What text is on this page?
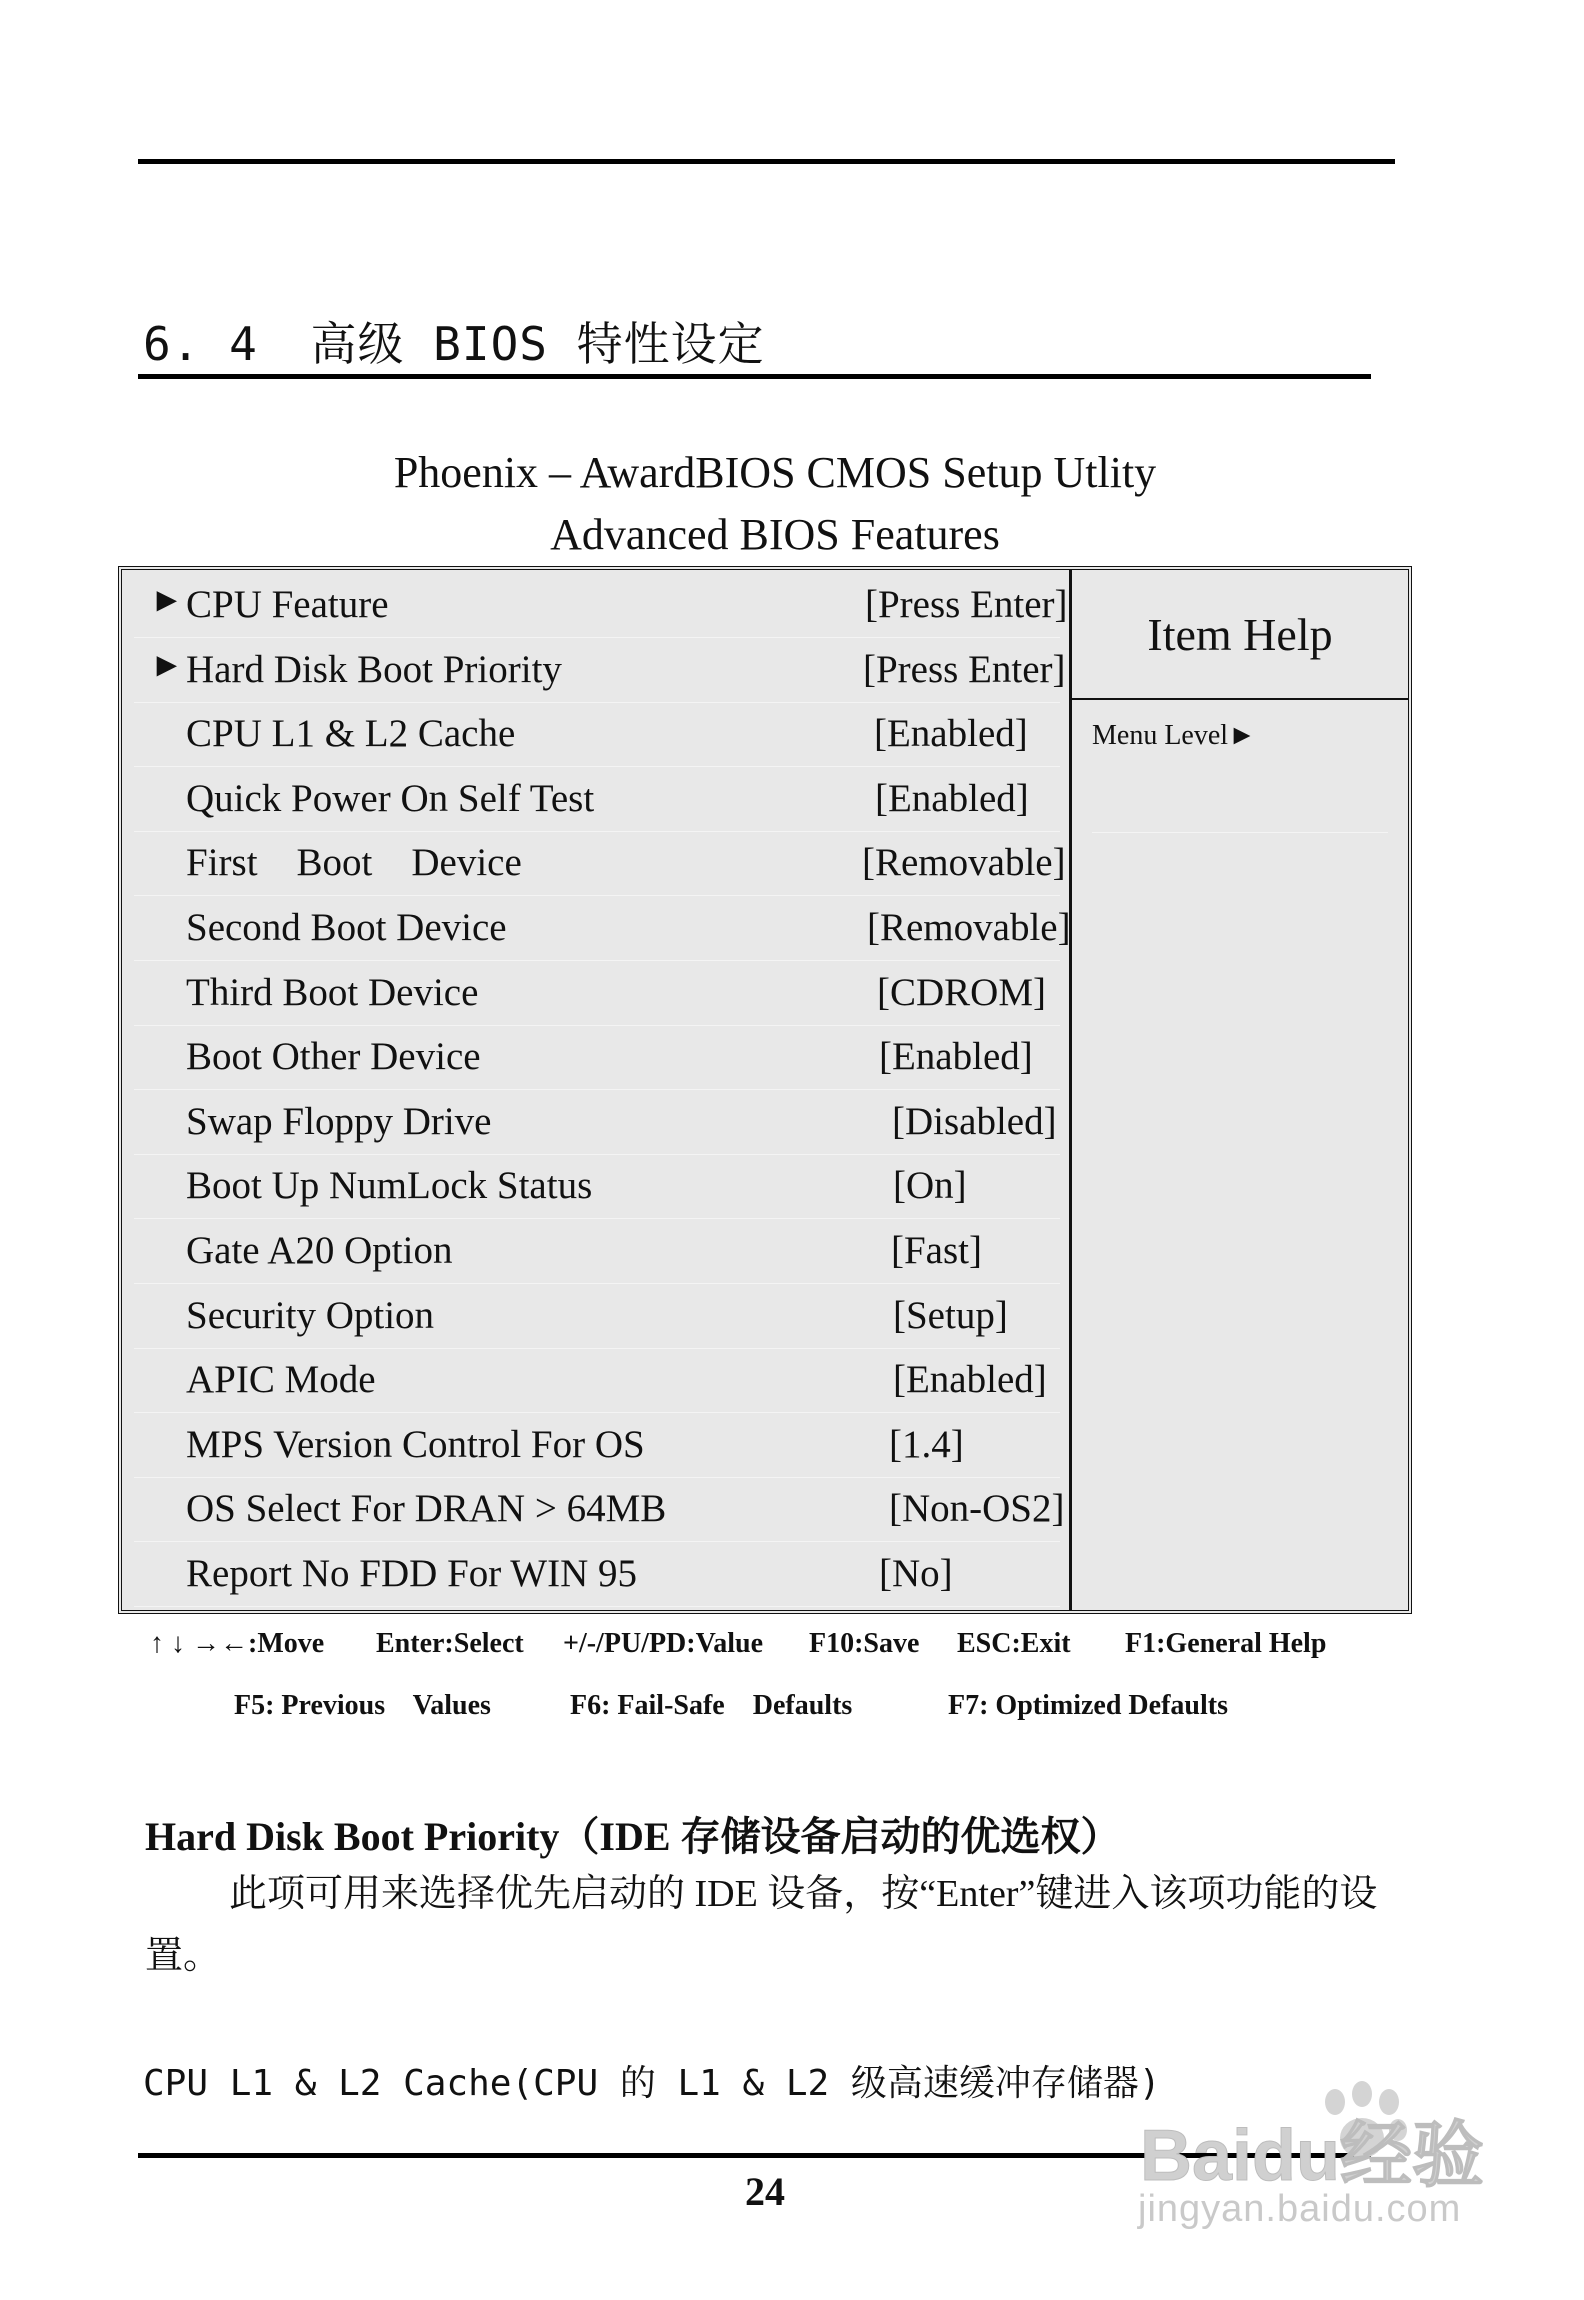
6. 4 高级 BIOS 特性设定
Phoenix – AwardBIOS CMOS Setup Utlity
Advanced BIOS Features
► CPU Feature	[Press Enter]
► Hard Disk Boot Priority	[Press Enter]
CPU L1 & L2 Cache	[Enabled]
Quick Power On Self Test	[Enabled]
First    Boot    Device	[Removable]
Second Boot Device	[Removable]
Third Boot Device	[CDROM]
Boot Other Device	[Enabled]
Swap Floppy Drive	[Disabled]
Boot Up NumLock Status	[On]
Gate A20 Option	[Fast]
Security Option	[Setup]
APIC Mode	[Enabled]
MPS Version Control For OS	[1.4]
OS Select For DRAN > 64MB	[Non-OS2]
Report No FDD For WIN 95	[No]
Item Help
Menu Level►
↑ ↓ →←:Move Enter:Select +/-/PU/PD:Value F10:Save ESC:Exit F1:General Help
F5: Previous    Values	F6: Fail-Safe    Defaults	F7: Optimized Defaults
Hard Disk Boot Priority（IDE 存储设备启动的优选权）
此项可用来选择优先启动的 IDE 设备，按“Enter”键进入该项功能的设置。
CPU L1 & L2 Cache(CPU 的 L1 & L2 级高速缓冲存储器)
24	Baidu经验
jingyan.baidu.com
